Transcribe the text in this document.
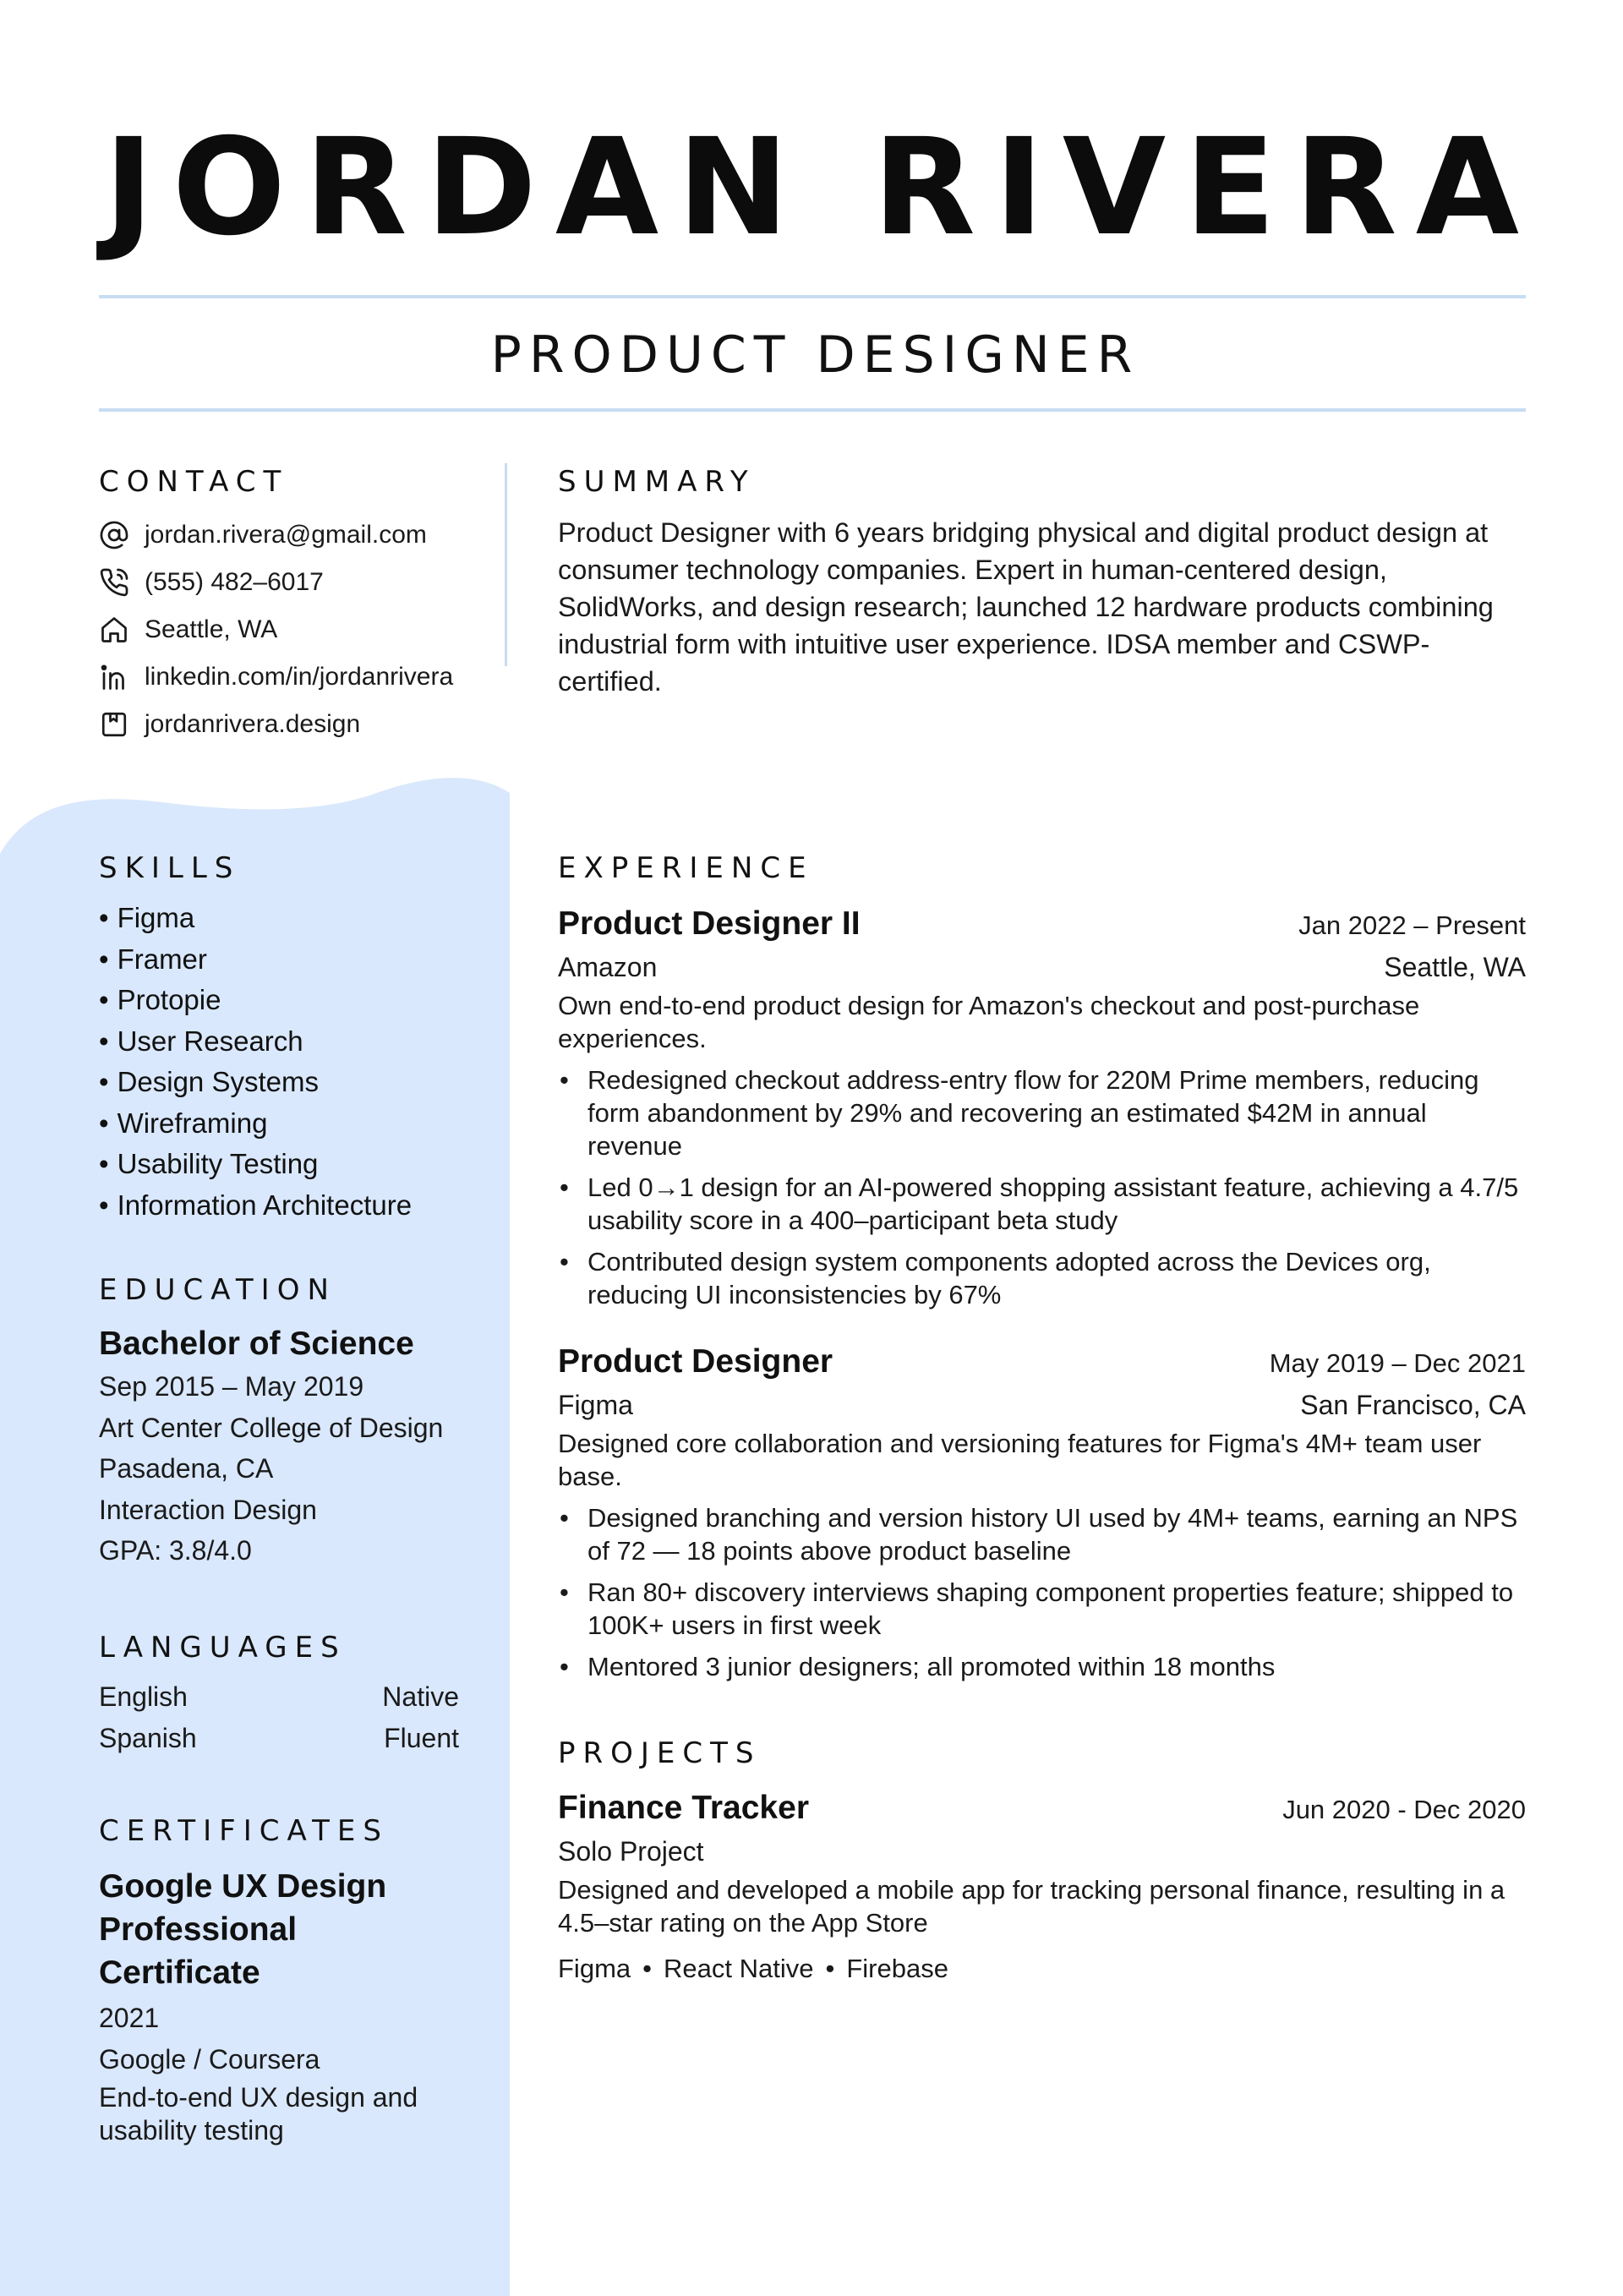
JORDAN RIVERA
PRODUCT DESIGNER
CONTACT
jordan.rivera@gmail.com
(555) 482–6017
Seattle, WA
linkedin.com/in/jordanrivera
jordanrivera.design
SUMMARY

Product Designer with 6 years bridging physical and digital product design at consumer technology companies. Expert in human-centered design, SolidWorks, and design research; launched 12 hardware products combining industrial form with intuitive user experience. IDSA member and CSWP-certified.

SKILLS
• Figma
• Framer
• Protopie
• User Research
• Design Systems
• Wireframing
• Usability Testing
• Information Architecture
EDUCATION

Bachelor of Science

Sep 2015 – May 2019

Art Center College of Design

Pasadena, CA

Interaction Design

GPA: 3.8/4.0

LANGUAGES
English	Native
Spanish	Fluent
CERTIFICATES

Google UX Design Professional Certificate

2021

Google / Coursera

End-to-end UX design and usability testing

EXPERIENCE
Product Designer II	Jan 2022 – Present
Amazon	Seattle, WA

Own end-to-end product design for Amazon's checkout and post-purchase experiences.

• Redesigned checkout address-entry flow for 220M Prime members, reducing form abandonment by 29% and recovering an estimated $42M in annual revenue
• Led 0→1 design for an AI-powered shopping assistant feature, achieving a 4.7/5 usability score in a 400–participant beta study
• Contributed design system components adopted across the Devices org, reducing UI inconsistencies by 67%
Product Designer	May 2019 – Dec 2021
Figma	San Francisco, CA

Designed core collaboration and versioning features for Figma's 4M+ team user base.

• Designed branching and version history UI used by 4M+ teams, earning an NPS of 72 — 18 points above product baseline
• Ran 80+ discovery interviews shaping component properties feature; shipped to 100K+ users in first week
• Mentored 3 junior designers; all promoted within 18 months
PROJECTS
Finance Tracker	Jun 2020 - Dec 2020
Solo Project

Designed and developed a mobile app for tracking personal finance, resulting in a 4.5–star rating on the App Store

Figma • React Native • Firebase
